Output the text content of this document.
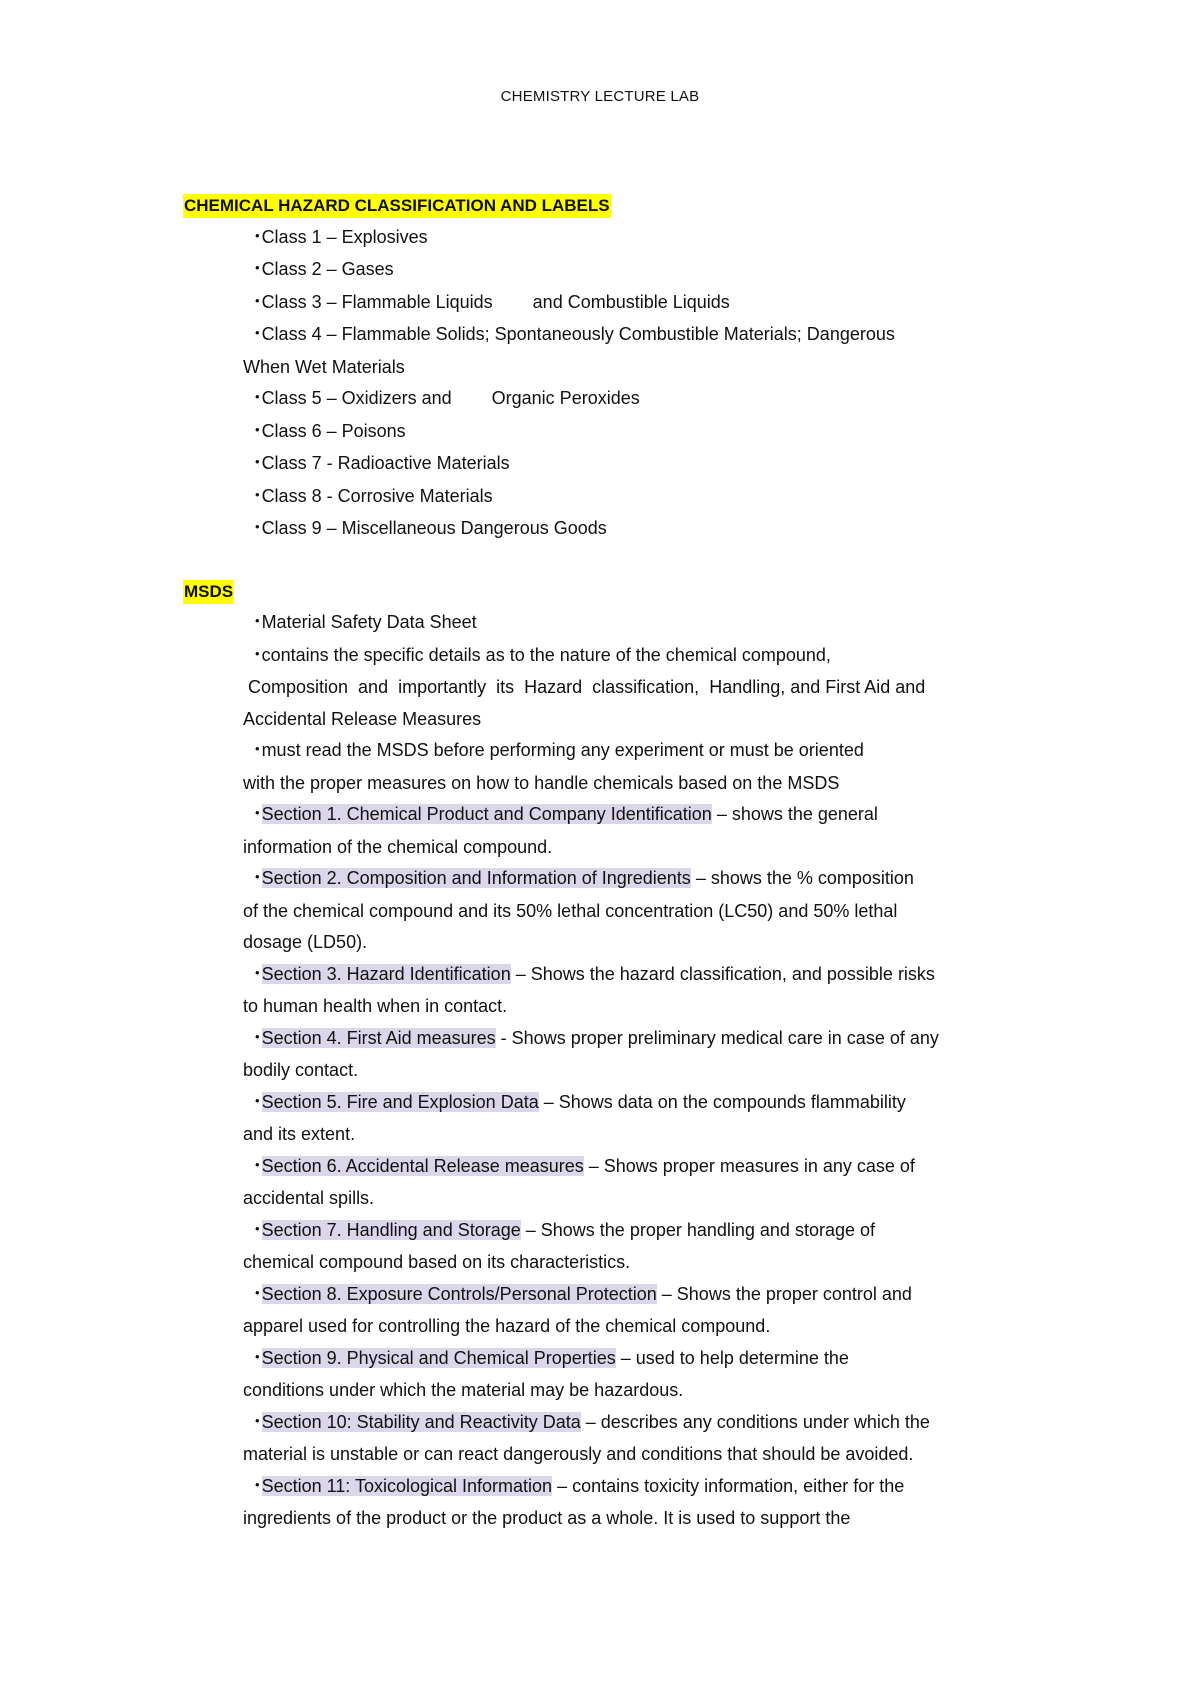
CHEMISTRY LECTURE LAB
CHEMICAL HAZARD CLASSIFICATION AND LABELS
• Class 1 – Explosives
• Class 2 – Gases
• Class 3 – Flammable Liquids and Combustible Liquids
• Class 4 – Flammable Solids; Spontaneously Combustible Materials; Dangerous
When Wet Materials
• Class 5 – Oxidizers and Organic Peroxides
• Class 6 – Poisons
• Class 7 - Radioactive Materials
• Class 8 - Corrosive Materials
• Class 9 – Miscellaneous Dangerous Goods
MSDS
• Material Safety Data Sheet
• contains the specific details as to the nature of the chemical compound,
Composition  and  importantly  its  Hazard  classification,  Handling, and First Aid and
Accidental Release Measures
• must read the MSDS before performing any experiment or must be oriented
with the proper measures on how to handle chemicals based on the MSDS
• Section 1. Chemical Product and Company Identification – shows the general
information of the chemical compound.
• Section 2. Composition and Information of Ingredients – shows the % composition
of the chemical compound and its 50% lethal concentration (LC50) and 50% lethal
dosage (LD50).
• Section 3. Hazard Identification – Shows the hazard classification, and possible risks
to human health when in contact.
• Section 4. First Aid measures - Shows proper preliminary medical care in case of any
bodily contact.
• Section 5. Fire and Explosion Data – Shows data on the compounds flammability
and its extent.
• Section 6. Accidental Release measures – Shows proper measures in any case of
accidental spills.
• Section 7. Handling and Storage – Shows the proper handling and storage of
chemical compound based on its characteristics.
• Section 8. Exposure Controls/Personal Protection – Shows the proper control and
apparel used for controlling the hazard of the chemical compound.
• Section 9. Physical and Chemical Properties – used to help determine the
conditions under which the material may be hazardous.
• Section 10: Stability and Reactivity Data – describes any conditions under which the
material is unstable or can react dangerously and conditions that should be avoided.
• Section 11: Toxicological Information – contains toxicity information, either for the
ingredients of the product or the product as a whole. It is used to support the
